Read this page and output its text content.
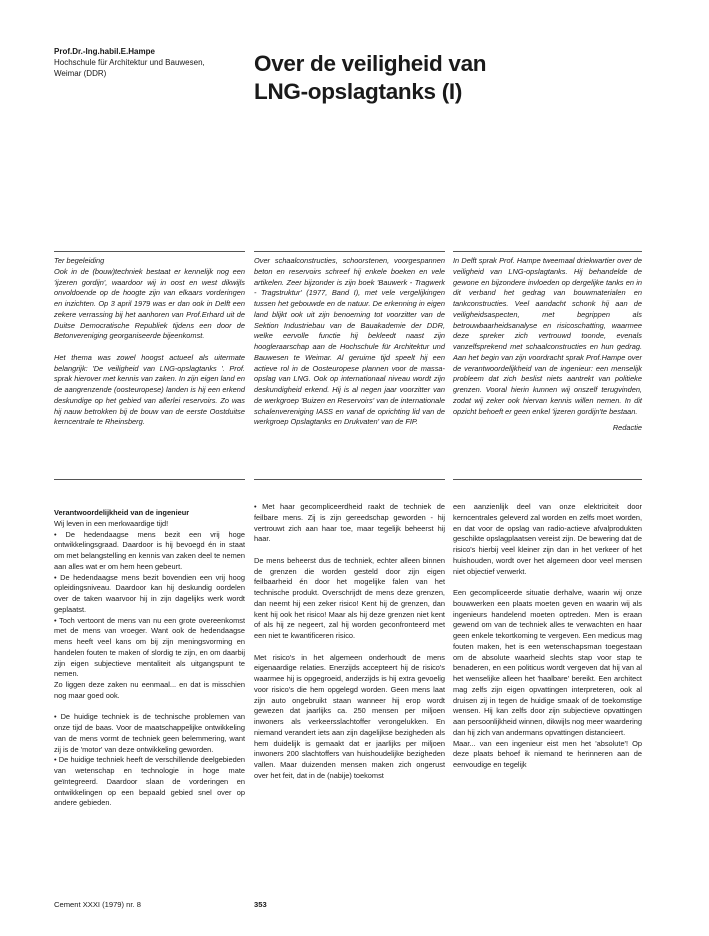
Prof.Dr.-Ing.habil.E.Hampe
Hochschule für Architektur und Bauwesen,
Weimar (DDR)	Over de veiligheid van
LNG-opslagtanks (I)

Ter begeleiding

Ook in de (bouw)techniek bestaat er kennelijk nog een 'ijzeren gordijn', waardoor wij in oost en west dikwijls onvoldoende op de hoogte zijn van elkaars vorderingen en inzichten. Op 3 april 1979 was er dan ook in Delft een zekere verrassing bij het aanhoren van Prof.Erhard uit de Duitse Democratische Republiek tijdens een door de Betonvereniging georganiseerde bijeenkomst.

Het thema was zowel hoogst actueel als uitermate belangrijk: 'De veiligheid van LNG-opslagtanks '. Prof. sprak hierover met kennis van zaken. In zijn eigen land en de aangrenzende (oosteuropese) landen is hij een erkend deskundige op het gebied van allerlei reservoirs. Zo was hij nauw betrokken bij de bouw van de eerste Oostduitse kerncentrale te Rheinsberg.

Over schaalconstructies, schoorstenen, voorgespannen beton en reservoirs schreef hij enkele boeken en vele artikelen. Zeer bijzonder is zijn boek 'Bauwerk - Tragwerk - Tragstruktur' (1977, Band I), met vele vergelijkingen tussen het gebouwde en de natuur. De erkenning in eigen land blijkt ook uit zijn benoeming tot voorzitter van de Sektion Industriebau van de Bauakademie der DDR, welke eervolle functie hij bekleedt naast zijn hoogleraarschap aan de Hochschule für Architektur und Bauwesen te Weimar. Al geruime tijd speelt hij een actieve rol in de Oosteuropese plannen voor de massa-opslag van LNG. Ook op internationaal niveau wordt zijn deskundigheid erkend. Hij is al negen jaar voorzitter van de werkgroep 'Buizen en Reservoirs' van de internationale schalenvereniging IASS en vanaf de oprichting lid van de werkgroep Opslagtanks en Drukvaten' van de FIP.

In Delft sprak Prof. Hampe tweemaal driekwartier over de veiligheid van LNG-opslagtanks. Hij behandelde de gewone en bijzondere invloeden op dergelijke tanks en in dit verband het gedrag van bouwmaterialen en tankconstructies. Veel aandacht schonk hij aan de veiligheidsaspecten, met begrippen als betrouwbaarheidsanalyse en risicoschatting, waarmee deze spreker zich vertrouwd toonde, evenals vanzelfsprekend met schaalconstructies en hun gedrag. Aan het begin van zijn voordracht sprak Prof.Hampe over de verantwoordelijkheid van de ingenieur: een menselijk probleem dat zich beslist niets aantrekt van politieke grenzen. Vooral hierin kunnen wij onszelf terugvinden, zodat wij zeker ook hiervan kennis willen nemen. In dit opzicht behoeft er geen enkel 'ijzeren gordijn'te bestaan.

Redactie
Verantwoordelijkheid van de ingenieur

Wij leven in een merkwaardige tijd!
• De hedendaagse mens bezit een vrij hoge ontwikkelingsgraad. Daardoor is hij bevoegd én in staat om met belangstelling en kennis van zaken deel te nemen aan alles wat er om hem heen gebeurt.
• De hedendaagse mens bezit bovendien een vrij hoog opleidingsniveau. Daardoor kan hij deskundig oordelen over de taken waarvoor hij in zijn dagelijks werk wordt geplaatst.
• Toch vertoont de mens van nu een grote overeenkomst met de mens van vroeger. Want ook de hedendaagse mens heeft veel kans om bij zijn meningsvorming en handelen fouten te maken of slordig te zijn, en om daarbij zijn eigen subjectieve mentaliteit als uitgangspunt te nemen.
Zo liggen deze zaken nu eenmaal... en dat is misschien nog maar goed ook.

• De huidige techniek is de technische problemen van onze tijd de baas. Voor de maatschappelijke ontwikkeling van de mens vormt de techniek geen belemmering, want zij is de 'motor' van deze ontwikkeling geworden.
• De huidige techniek heeft de verschillende deelgebieden van wetenschap en technologie in hoge mate geïntegreerd. Daardoor slaan de vorderingen en ontwikkelingen op een bepaald gebied snel over op andere gebieden.

• Met haar gecompliceerdheid raakt de techniek de feilbare mens. Zij is zijn gereedschap geworden - hij vertrouwt zich aan haar toe, maar tegelijk beheerst hij haar.

De mens beheerst dus de techniek, echter alleen binnen de grenzen die worden gesteld door zijn eigen feilbaarheid én door het mogelijke falen van het technische produkt. Overschrijdt de mens deze grenzen, dan neemt hij een zeker risico! Kent hij de grenzen, dan kent hij ook het risico! Maar als hij deze grenzen niet kent of als hij ze negeert, zal hij worden geconfronteerd met een niet te kwantificeren risico.

Met risico's in het algemeen onderhoudt de mens eigenaardige relaties. Enerzijds accepteert hij de risico's waarmee hij is opgegroeid, anderzijds is hij extra gevoelig voor risico's die hem opgelegd worden. Geen mens laat zijn auto ongebruikt staan wanneer hij erop wordt gewezen dat jaarlijks ca. 250 mensen per miljoen inwoners als verkeersslachtoffer verongelukken. En niemand verandert iets aan zijn dagelijkse bezigheden als hem duidelijk is gemaakt dat er jaarlijks per miljoen inwoners 200 slachtoffers van huishoudelijke bezigheden vallen. Maar duizenden mensen maken zich ongerust over het feit, dat in de (nabije) toekomst

een aanzienlijk deel van onze elektriciteit door kerncentrales geleverd zal worden en zelfs moet worden, en dat voor de opslag van radio-actieve afvalprodukten geschikte opslagplaatsen vereist zijn. De bewering dat de risico's hierbij veel kleiner zijn dan in het verkeer of het huishouden, wordt over het algemeen door veel mensen niet objectief verwerkt.

Een gecompliceerde situatie derhalve, waarin wij onze bouwwerken een plaats moeten geven en waarin wij als ingenieurs handelend moeten optreden. Men is eraan gewend om van de techniek alles te verwachten en haar geen enkele tekortkoming te vergeven. Een medicus mag fouten maken, het is een wetenschapsman toegestaan om de absolute waarheid slechts stap voor stap te benaderen, en een politicus wordt vergeven dat hij van al het wenselijke alleen het 'haalbare' bereikt. Een architect mag zelfs zijn eigen opvattingen interpreteren, ook al druisen zij in tegen de huidige smaak of de toekomstige wensen. Hij kan zelfs door zijn subjectieve opvattingen aan persoonlijkheid winnen, dikwijls nog meer waardering dan hij zich van andermans opvattingen distancieert.
Maar... van een ingenieur eist men het 'absolute'! Op deze plaats behoef ik niemand te herinneren aan de eenvoudige en tegelijk

Cement XXXI (1979) nr. 8	353
